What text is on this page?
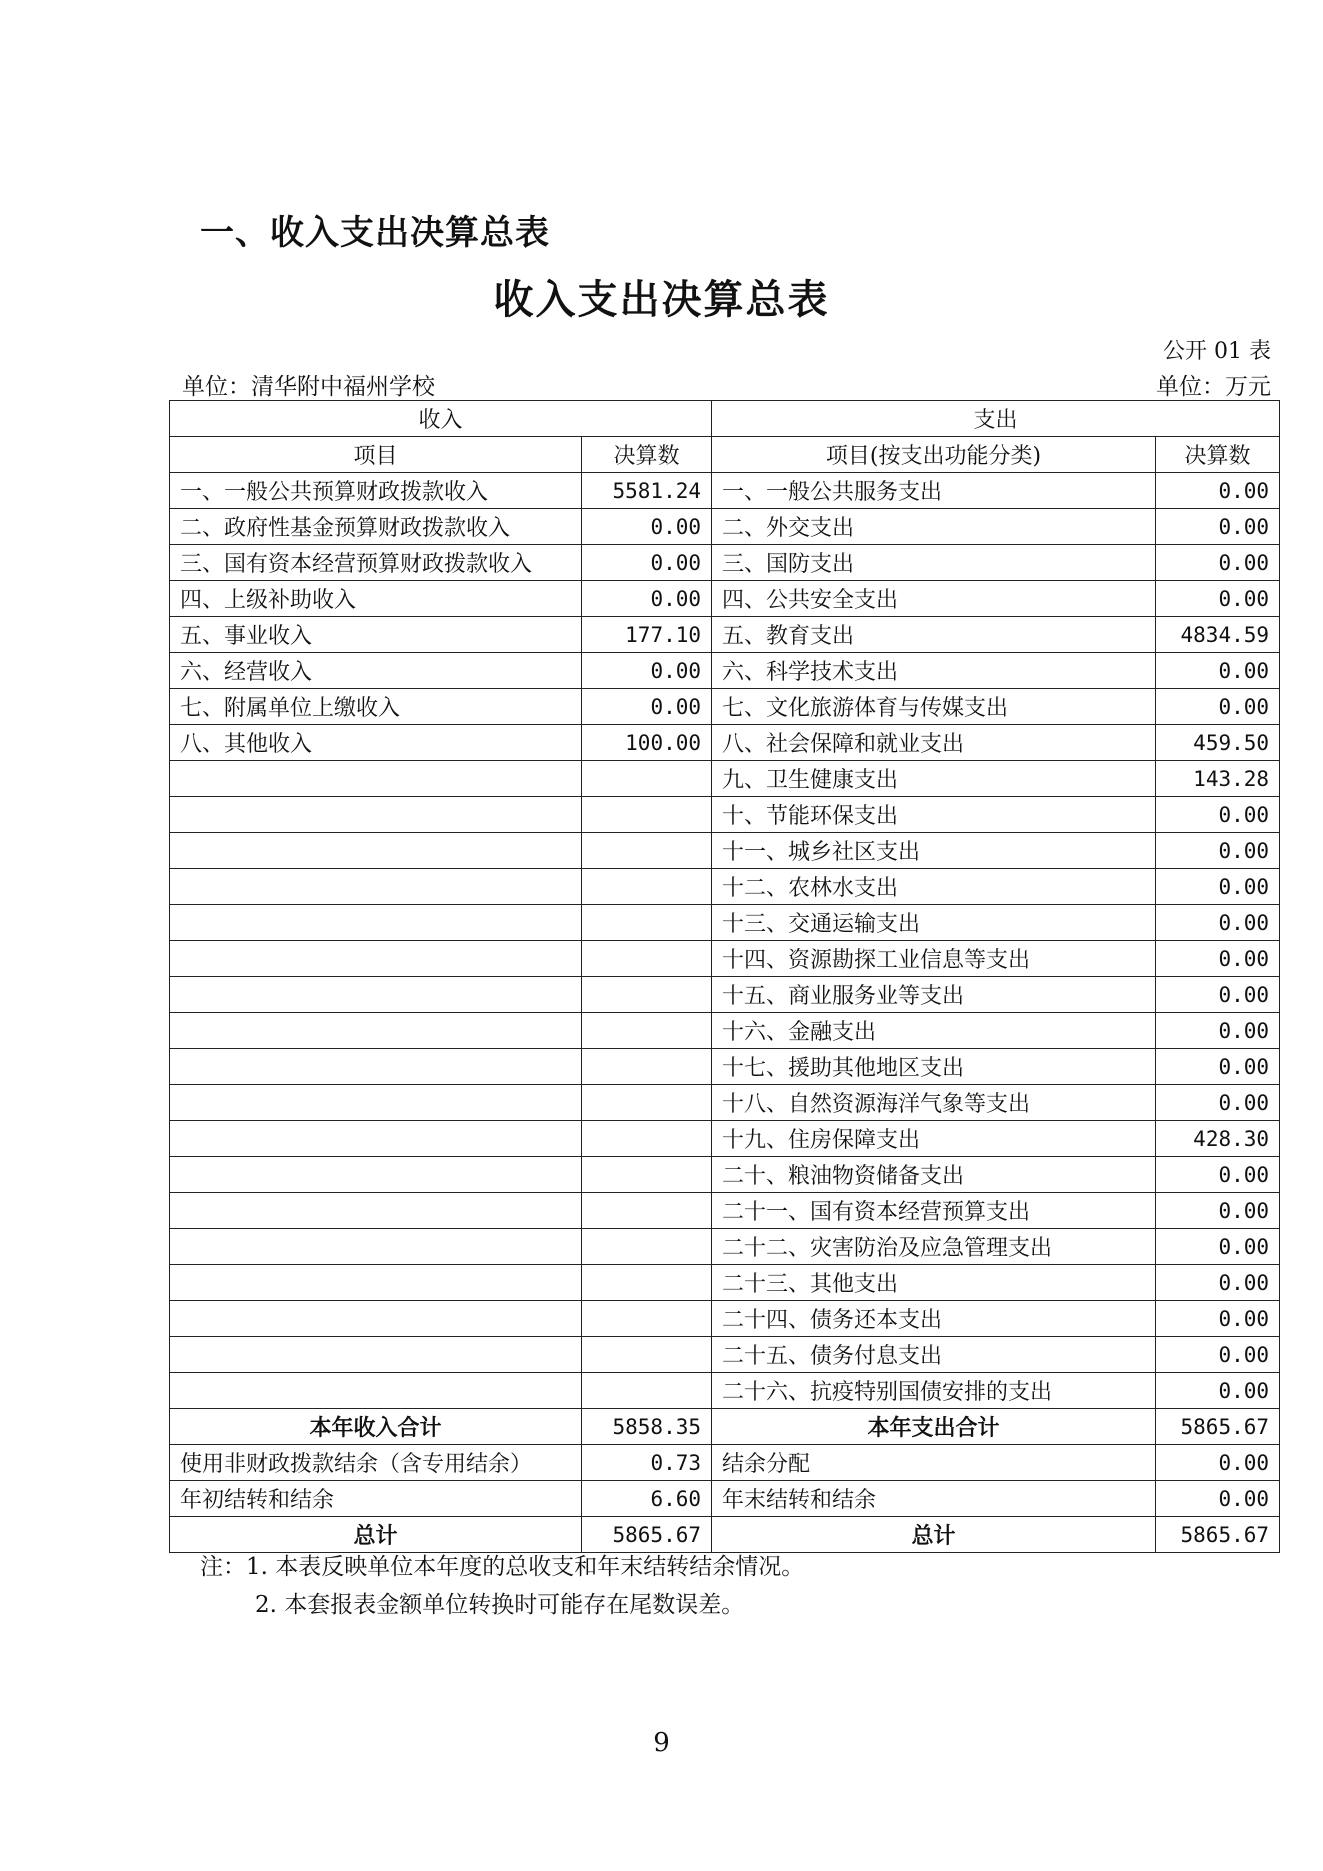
一、收入支出决算总表
收入支出决算总表
公开 01 表
单位：清华附中福州学校	单位：万元
收入		支出	
项目	决算数	项目(按支出功能分类)	决算数
一、一般公共预算财政拨款收入	5581.24	一、一般公共服务支出	0.00
二、政府性基金预算财政拨款收入	0.00	二、外交支出	0.00
三、国有资本经营预算财政拨款收入	0.00	三、国防支出	0.00
四、上级补助收入	0.00	四、公共安全支出	0.00
五、事业收入	177.10	五、教育支出	4834.59
六、经营收入	0.00	六、科学技术支出	0.00
七、附属单位上缴收入	0.00	七、文化旅游体育与传媒支出	0.00
八、其他收入	100.00	八、社会保障和就业支出	459.50
		九、卫生健康支出	143.28
		十、节能环保支出	0.00
		十一、城乡社区支出	0.00
		十二、农林水支出	0.00
		十三、交通运输支出	0.00
		十四、资源勘探工业信息等支出	0.00
		十五、商业服务业等支出	0.00
		十六、金融支出	0.00
		十七、援助其他地区支出	0.00
		十八、自然资源海洋气象等支出	0.00
		十九、住房保障支出	428.30
		二十、粮油物资储备支出	0.00
		二十一、国有资本经营预算支出	0.00
		二十二、灾害防治及应急管理支出	0.00
		二十三、其他支出	0.00
		二十四、债务还本支出	0.00
		二十五、债务付息支出	0.00
		二十六、抗疫特别国债安排的支出	0.00
本年收入合计	5858.35	本年支出合计	5865.67
使用非财政拨款结余（含专用结余）	0.73	结余分配	0.00
年初结转和结余	6.60	年末结转和结余	0.00
总计	5865.67	总计	5865.67
注：1. 本表反映单位本年度的总收支和年末结转结余情况。
2. 本套报表金额单位转换时可能存在尾数误差。
9
